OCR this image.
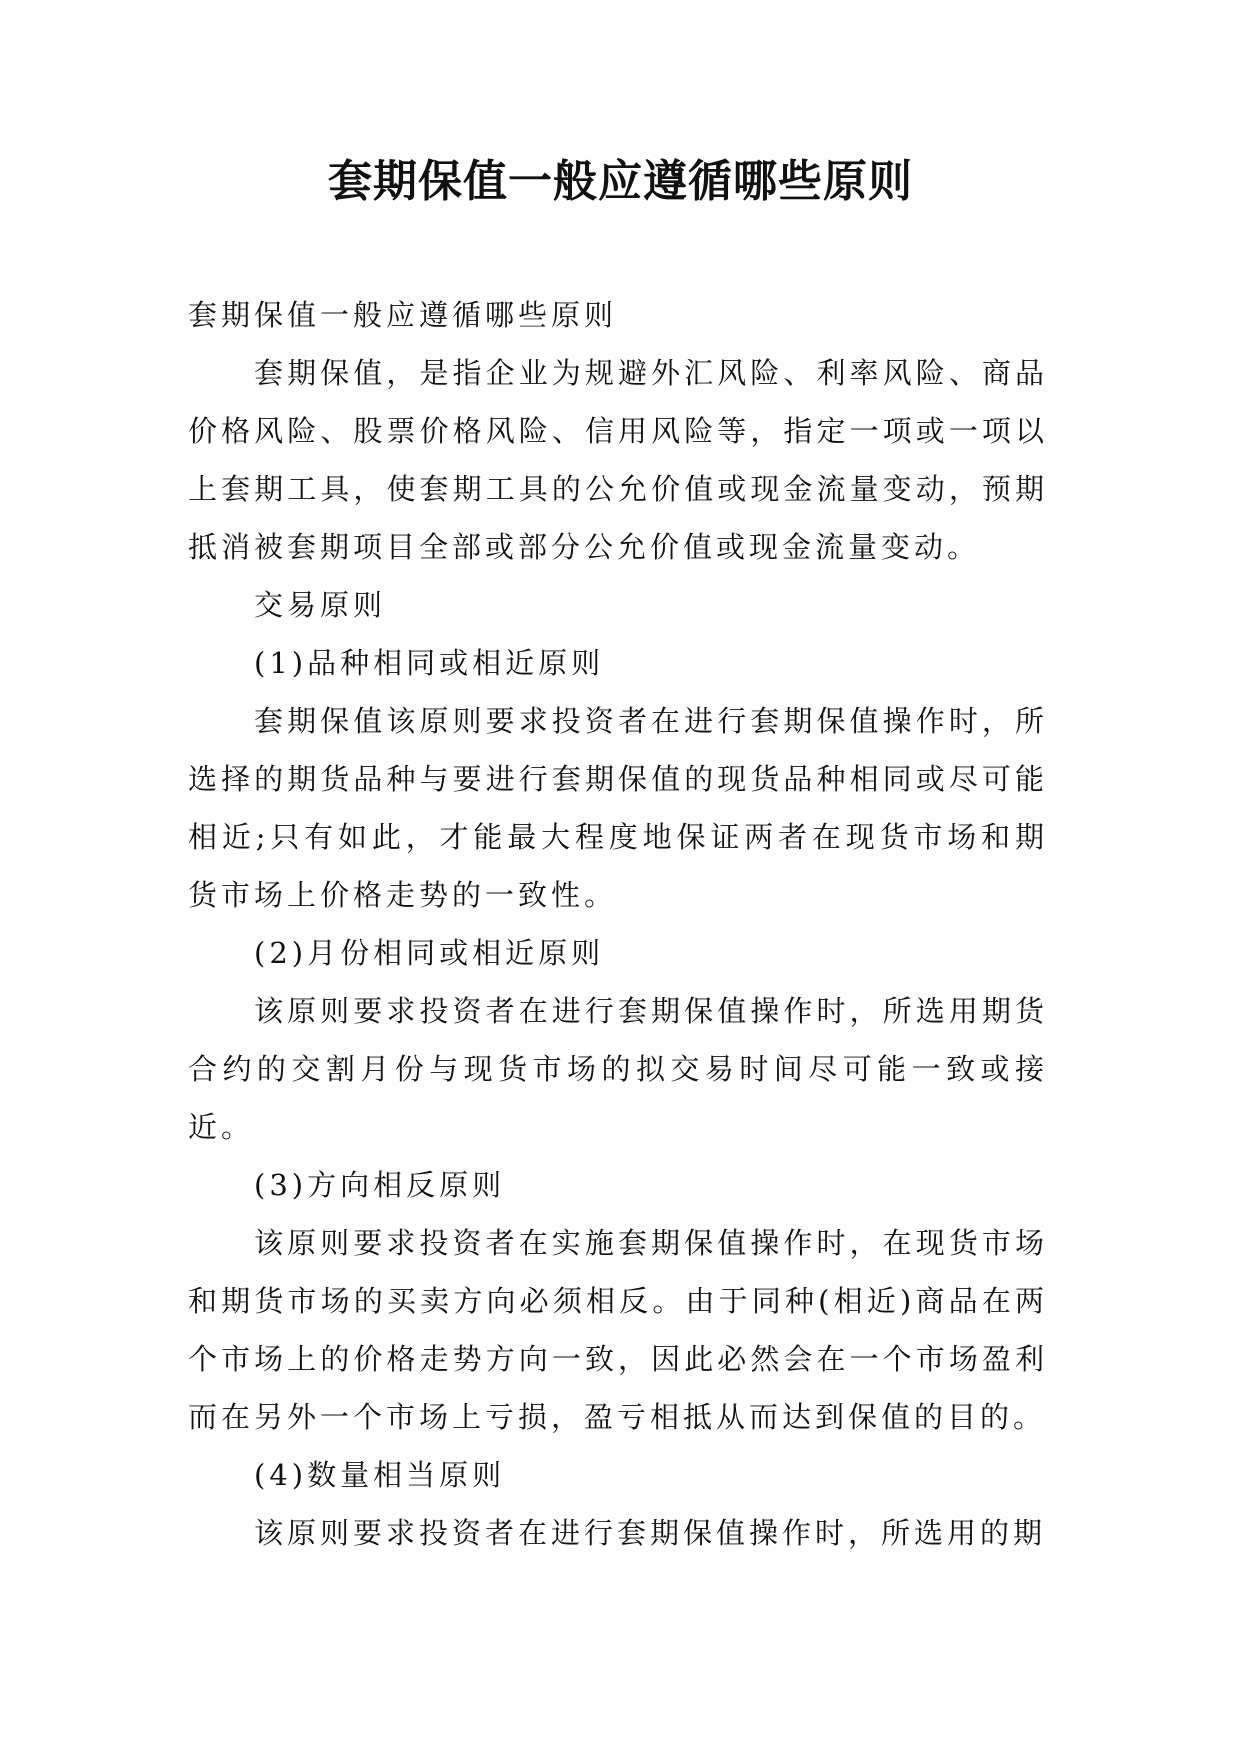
套期保值一般应遵循哪些原则

套期保值一般应遵循哪些原则

套期保值，是指企业为规避外汇风险、利率风险、商品价格风险、股票价格风险、信用风险等，指定一项或一项以上套期工具，使套期工具的公允价值或现金流量变动，预期抵消被套期项目全部或部分公允价值或现金流量变动。

交易原则

(1)品种相同或相近原则

套期保值该原则要求投资者在进行套期保值操作时，所选择的期货品种与要进行套期保值的现货品种相同或尽可能相近;只有如此，才能最大程度地保证两者在现货市场和期货市场上价格走势的一致性。

(2)月份相同或相近原则

该原则要求投资者在进行套期保值操作时，所选用期货合约的交割月份与现货市场的拟交易时间尽可能一致或接近。

(3)方向相反原则

该原则要求投资者在实施套期保值操作时，在现货市场和期货市场的买卖方向必须相反。由于同种(相近)商品在两个市场上的价格走势方向一致，因此必然会在一个市场盈利而在另外一个市场上亏损，盈亏相抵从而达到保值的目的。

(4)数量相当原则

该原则要求投资者在进行套期保值操作时，所选用的期
